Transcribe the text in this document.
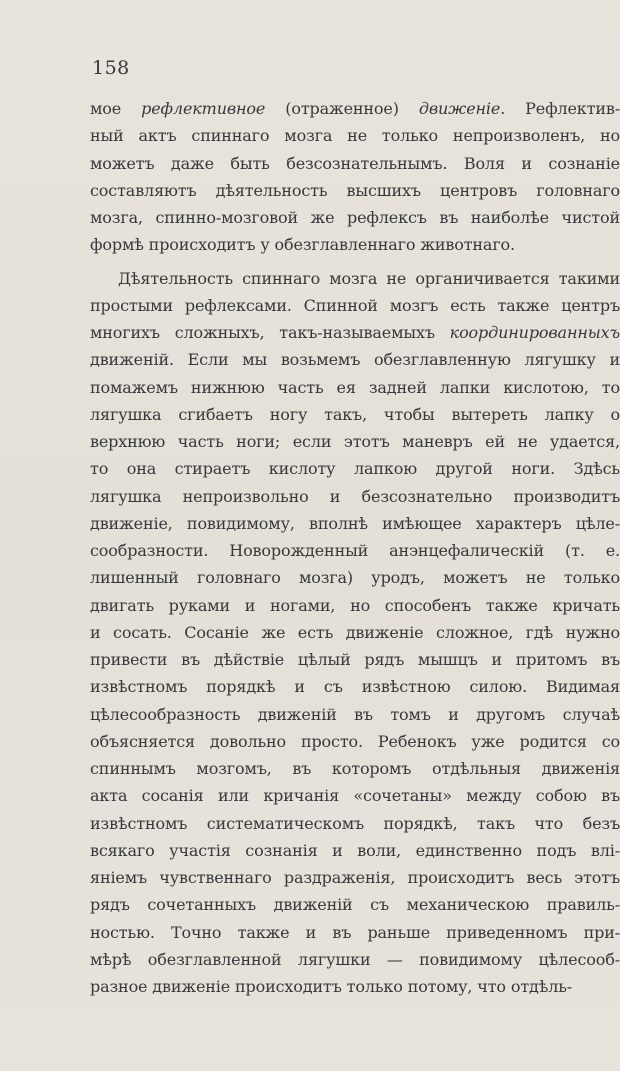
158

мое рефлективное (отраженное) движенiе. Рефлектив-
ный актъ спиннаго мозга не только непроизволенъ, но
можетъ даже быть безсознательнымъ. Воля и сознанiе
составляютъ дѣятельность высшихъ центровъ головнаго
мозга, спинно-мозговой же рефлексъ въ наиболѣе чистой
формѣ происходитъ у обезглавленнаго животнаго.
Дѣятельность спиннаго мозга не органичивается такими
простыми рефлексами. Спинной мозгъ есть также центръ
многихъ сложныхъ, такъ-называемыхъ координированныхъ
движенiй. Если мы возьмемъ обезглавленную лягушку и
помажемъ нижнюю часть ея задней лапки кислотою, то
лягушка сгибаетъ ногу такъ, чтобы вытереть лапку о
верхнюю часть ноги; если этотъ маневръ ей не удается,
то она стираетъ кислоту лапкою другой ноги. Здѣсь
лягушка непроизвольно и безсознательно производитъ
движенiе, повидимому, вполнѣ имѣющее характеръ цѣле-
сообразности. Новорожденный анэнцефалическiй (т. е.
лишенный головнаго мозга) уродъ, можетъ не только
двигать руками и ногами, но способенъ также кричать
и сосать. Сосанiе же есть движенiе сложное, гдѣ нужно
привести въ дѣйствiе цѣлый рядъ мышцъ и притомъ въ
извѣстномъ порядкѣ и съ извѣстною силою. Видимая
цѣлесообразность движенiй въ томъ и другомъ случаѣ
объясняется довольно просто. Ребенокъ уже родится со
спиннымъ мозгомъ, въ которомъ отдѣльныя движенiя
акта сосанiя или кричанiя «сочетаны» между собою въ
извѣстномъ систематическомъ порядкѣ, такъ что безъ
всякаго участiя сознанiя и воли, единственно подъ влi-
янiемъ чувственнаго раздраженiя, происходитъ весь этотъ
рядъ сочетанныхъ движенiй съ механическою правиль-
ностью. Точно также и въ раньше приведенномъ при-
мѣрѣ обезглавленной лягушки — повидимому цѣлесооб-
разное движенiе происходитъ только потому, что отдѣль-
